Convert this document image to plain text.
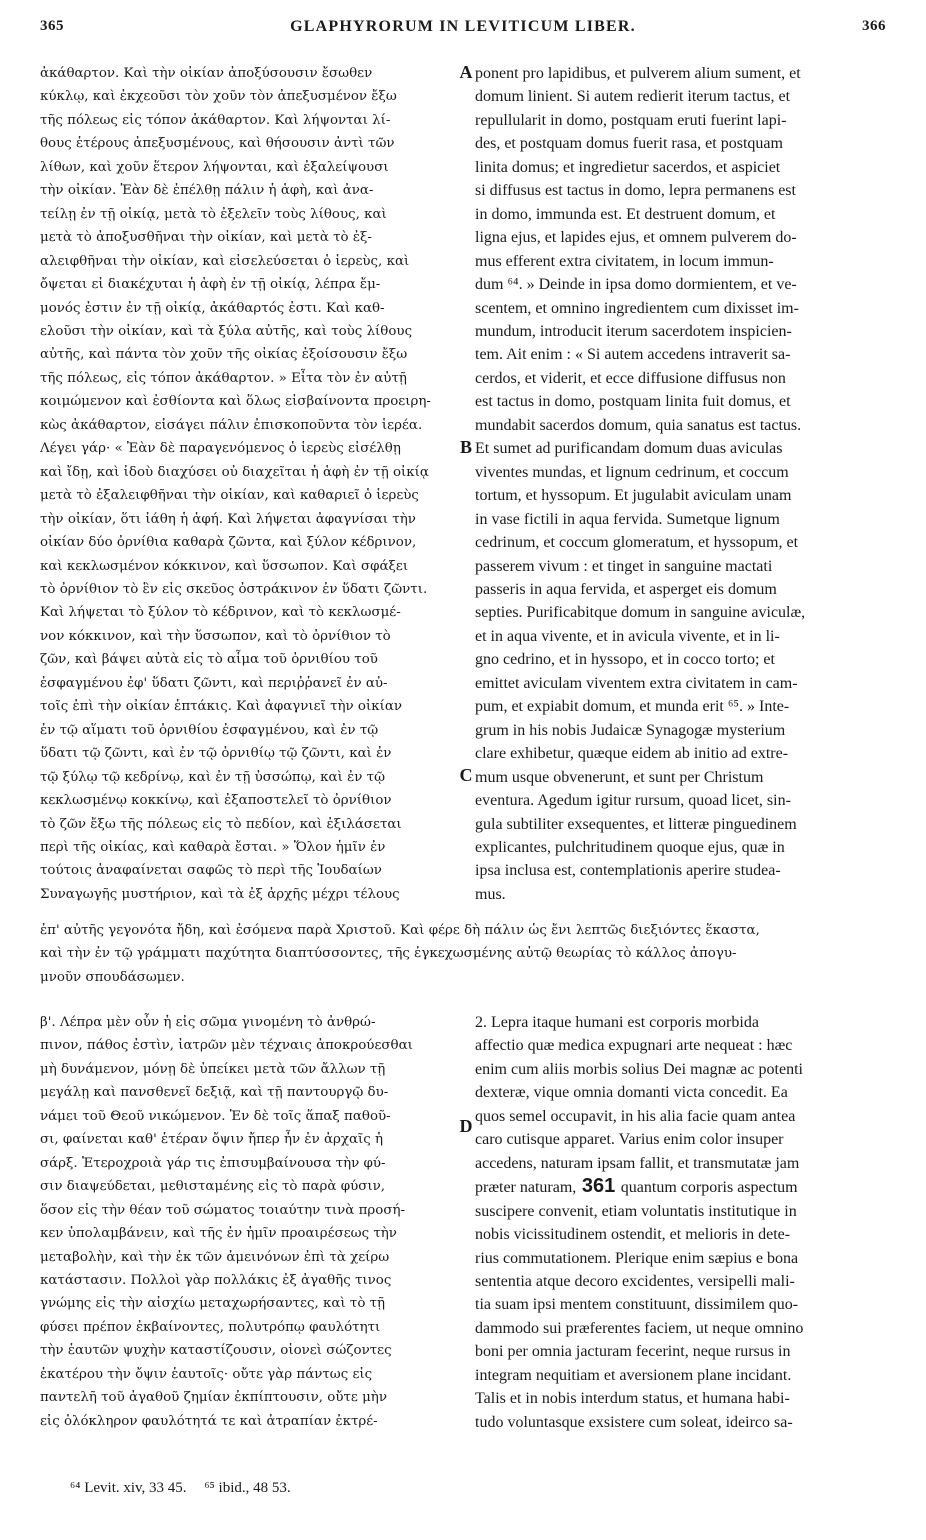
365	GLAPHYRORUM IN LEVITICUM LIBER.	366
ἀκάθαρτον. Καὶ τὴν οἰκίαν ἀποξύσουσιν ἔσωθεν
κύκλῳ, καὶ ἐκχεοῦσι τὸν χοῦν τὸν ἀπεξυσμένον ἔξω
τῆς πόλεως εἰς τόπον ἀκάθαρτον. Καὶ λήψονται λί-
θους ἑτέρους ἀπεξυσμένους, καὶ θήσουσιν ἀντὶ τῶν
λίθων, καὶ χοῦν ἕτερον λήψονται, καὶ ἐξαλείψουσι
τὴν οἰκίαν. Ἐὰν δὲ ἐπέλθῃ πάλιν ἡ ἁφὴ, καὶ ἀνα-
τείλῃ ἐν τῇ οἰκίᾳ, μετὰ τὸ ἐξελεῖν τοὺς λίθους, καὶ
μετὰ τὸ ἀποξυσθῆναι τὴν οἰκίαν, καὶ μετὰ τὸ ἐξ-
αλειφθῆναι τὴν οἰκίαν, καὶ εἰσελεύσεται ὁ ἱερεὺς, καὶ
ὄψεται εἰ διακέχυται ἡ ἁφὴ ἐν τῇ οἰκίᾳ, λέπρα ἔμ-
μονός ἐστιν ἐν τῇ οἰκίᾳ, ἀκάθαρτός ἐστι. Καὶ καθ-
ελοῦσι τὴν οἰκίαν, καὶ τὰ ξύλα αὐτῆς, καὶ τοὺς λίθους
αὐτῆς, καὶ πάντα τὸν χοῦν τῆς οἰκίας ἐξοίσουσιν ἔξω
τῆς πόλεως, εἰς τόπον ἀκάθαρτον. » Εἶτα τὸν ἐν αὐτῇ
κοιμώμενον καὶ ἐσθίοντα καὶ ὅλως εἰσβαίνοντα προειρη-
κὼς ἀκάθαρτον, εἰσάγει πάλιν ἐπισκοποῦντα τὸν ἱερέα.
Λέγει γάρ· « Ἐὰν δὲ παραγενόμενος ὁ ἱερεὺς εἰσέλθῃ
καὶ ἴδῃ, καὶ ἰδοὺ διαχύσει οὐ διαχεῖται ἡ ἁφὴ ἐν τῇ οἰκίᾳ
μετὰ τὸ ἐξαλειφθῆναι τὴν οἰκίαν, καὶ καθαριεῖ ὁ ἱερεὺς
τὴν οἰκίαν, ὅτι ἰάθη ἡ ἁφή. Καὶ λήψεται ἀφαγνίσαι τὴν
οἰκίαν δύο ὀρνίθια καθαρὰ ζῶντα, καὶ ξύλον κέδρινον,
καὶ κεκλωσμένον κόκκινον, καὶ ὕσσωπον. Καὶ σφάξει
τὸ ὀρνίθιον τὸ ἓν εἰς σκεῦος ὀστράκινον ἐν ὕδατι ζῶντι.
Καὶ λήψεται τὸ ξύλον τὸ κέδρινον, καὶ τὸ κεκλωσμέ-
νον κόκκινον, καὶ τὴν ὕσσωπον, καὶ τὸ ὀρνίθιον τὸ
ζῶν, καὶ βάψει αὐτὰ εἰς τὸ αἷμα τοῦ ὀρνιθίου τοῦ
ἐσφαγμένου ἐφ' ὕδατι ζῶντι, καὶ περιῤῥανεῖ ἐν αὐ-
τοῖς ἐπὶ τὴν οἰκίαν ἑπτάκις. Καὶ ἀφαγνιεῖ τὴν οἰκίαν
ἐν τῷ αἵματι τοῦ ὀρνιθίου ἐσφαγμένου, καὶ ἐν τῷ
ὕδατι τῷ ζῶντι, καὶ ἐν τῷ ὀρνιθίῳ τῷ ζῶντι, καὶ ἐν
τῷ ξύλῳ τῷ κεδρίνῳ, καὶ ἐν τῇ ὑσσώπῳ, καὶ ἐν τῷ
κεκλωσμένῳ κοκκίνῳ, καὶ ἐξαποστελεῖ τὸ ὀρνίθιον
τὸ ζῶν ἔξω τῆς πόλεως εἰς τὸ πεδίον, καὶ ἐξιλάσεται
περὶ τῆς οἰκίας, καὶ καθαρὰ ἔσται. » Ὅλον ἡμῖν ἐν
τούτοις ἀναφαίνεται σαφῶς τὸ περὶ τῆς Ἰουδαίων
Συναγωγῆς μυστήριον, καὶ τὰ ἐξ ἀρχῆς μέχρι τέλους
ponent pro lapidibus, et pulverem alium sument, et
domum linient. Si autem redierit iterum tactus, et
repullularit in domo, postquam eruti fuerint lapi-
des, et postquam domus fuerit rasa, et postquam
linita domus; et ingredietur sacerdos, et aspiciet
si diffusus est tactus in domo, lepra permanens est
in domo, immunda est. Et destruent domum, et
ligna ejus, et lapides ejus, et omnem pulverem do-
mus efferent extra civitatem, in locum immun-
dum ⁶⁴. » Deinde in ipsa domo dormientem, et ve-
scentem, et omnino ingredientem cum dixisset im-
mundum, introducit iterum sacerdotem inspicien-
tem. Ait enim : « Si autem accedens intraverit sa-
cerdos, et viderit, et ecce diffusione diffusus non
est tactus in domo, postquam linita fuit domus, et
mundabit sacerdos domum, quia sanatus est tactus.
Et sumet ad purificandam domum duas aviculas
viventes mundas, et lignum cedrinum, et coccum
tortum, et hyssopum. Et jugulabit aviculam unam
in vase fictili in aqua fervida. Sumetque lignum
cedrinum, et coccum glomeratum, et hyssopum, et
passerem vivum : et tinget in sanguine mactati
passeris in aqua fervida, et asperget eis domum
septies. Purificabitque domum in sanguine aviculæ,
et in aqua vivente, et in avicula vivente, et in li-
gno cedrino, et in hyssopo, et in cocco torto; et
emittet aviculam viventem extra civitatem in cam-
pum, et expiabit domum, et munda erit ⁶⁵. » Inte-
grum in his nobis Judaicæ Synagogæ mysterium
clare exhibetur, quæque eidem ab initio ad extre-
mum usque obvenerunt, et sunt per Christum
eventura. Agedum igitur rursum, quoad licet, sin-
gula subtiliter exsequentes, et litteræ pinguedinem
explicantes, pulchritudinem quoque ejus, quæ in
ipsa inclusa est, contemplationis aperire studea-
mus.
A
B
C
D
ἐπ' αὐτῆς γεγονότα ἤδη, καὶ ἐσόμενα παρὰ Χριστοῦ. Καὶ φέρε δὴ πάλιν ὡς ἔνι λεπτῶς διεξιόντες ἕκαστα,
καὶ τὴν ἐν τῷ γράμματι παχύτητα διαπτύσσοντες, τῆς ἐγκεχωσμένης αὐτῷ θεωρίας τὸ κάλλος ἀπογυ-
μνοῦν σπουδάσωμεν.
β'. Λέπρα μὲν οὖν ἡ εἰς σῶμα γινομένη τὸ ἀνθρώ-
πινον, πάθος ἐστὶν, ἰατρῶν μὲν τέχναις ἀποκρούεσθαι
μὴ δυνάμενον, μόνῃ δὲ ὑπείκει μετὰ τῶν ἄλλων τῇ
μεγάλῃ καὶ πανσθενεῖ δεξιᾷ, καὶ τῇ παντουργῷ δυ-
νάμει τοῦ Θεοῦ νικώμενον. Ἐν δὲ τοῖς ἅπαξ παθοῦ-
σι, φαίνεται καθ' ἑτέραν ὄψιν ἤπερ ἦν ἐν ἀρχαῖς ἡ
σάρξ. Ἑτεροχροιὰ γάρ τις ἐπισυμβαίνουσα τὴν φύ-
σιν διαψεύδεται, μεθισταμένης εἰς τὸ παρὰ φύσιν,
ὅσον εἰς τὴν θέαν τοῦ σώματος τοιαύτην τινὰ προσή-
κεν ὑπολαμβάνειν, καὶ τῆς ἐν ἡμῖν προαιρέσεως τὴν
μεταβολὴν, καὶ τὴν ἐκ τῶν ἀμεινόνων ἐπὶ τὰ χείρω
κατάστασιν. Πολλοὶ γὰρ πολλάκις ἐξ ἀγαθῆς τινος
γνώμης εἰς τὴν αἰσχίω μεταχωρήσαντες, καὶ τὸ τῇ
φύσει πρέπον ἐκβαίνοντες, πολυτρόπῳ φαυλότητι
τὴν ἑαυτῶν ψυχὴν καταστίζουσιν, οἱονεὶ σώζοντες
ἑκατέρου τὴν ὄψιν ἑαυτοῖς· οὔτε γὰρ πάντως εἰς
παντελῆ τοῦ ἀγαθοῦ ζημίαν ἐκπίπτουσιν, οὔτε μὴν
εἰς ὁλόκληρον φαυλότητά τε καὶ ἀτραπίαν ἐκτρέ-
2. Lepra itaque humani est corporis morbida
affectio quæ medica expugnari arte nequeat : hæc
enim cum aliis morbis solius Dei magnæ ac potenti
dexteræ, vique omnia domanti victa concedit. Ea
quos semel occupavit, in his alia facie quam antea
caro cutisque apparet. Varius enim color insuper
accedens, naturam ipsam fallit, et transmutatæ jam
præter naturam, 361 quantum corporis aspectum
suscipere convenit, etiam voluntatis institutique in
nobis vicissitudinem ostendit, et melioris in dete-
rius commutationem. Plerique enim sæpius e bona
sententia atque decoro excidentes, versipelli mali-
tia suam ipsi mentem constituunt, dissimilem quo-
dammodo sui præferentes faciem, ut neque omnino
boni per omnia jacturam fecerint, neque rursus in
integram nequitiam et aversionem plane incidant.
Talis et in nobis interdum status, et humana habi-
tudo voluntasque exsistere cum soleat, ideirco sa-
⁶⁴ Levit. xiv, 33 45. ⁶⁵ ibid., 48 53.
